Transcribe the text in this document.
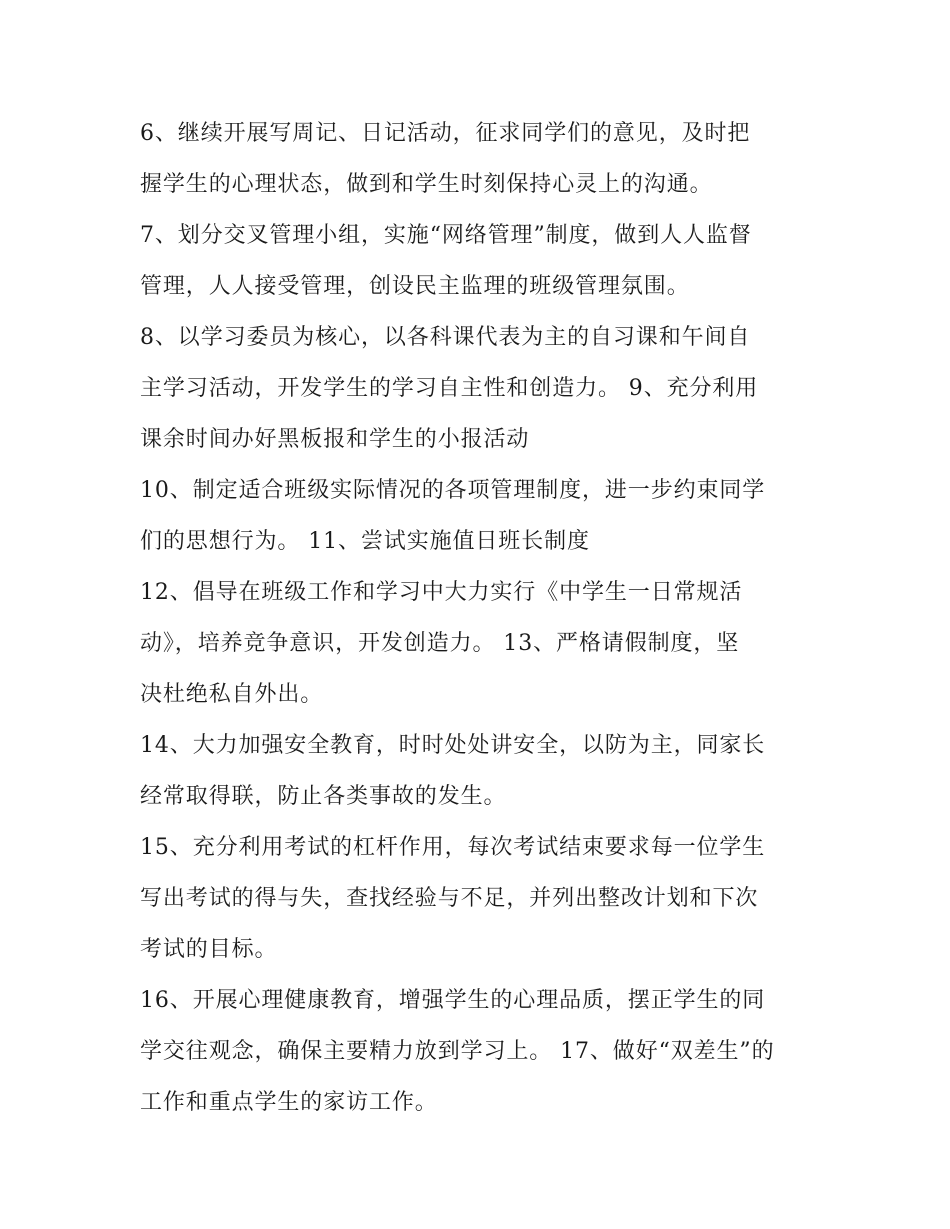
6、继续开展写周记、日记活动，征求同学们的意见，及时把
握学生的心理状态，做到和学生时刻保持心灵上的沟通。
7、划分交叉管理小组，实施“网络管理”制度，做到人人监督
管理，人人接受管理，创设民主监理的班级管理氛围。
8、以学习委员为核心，以各科课代表为主的自习课和午间自
主学习活动，开发学生的学习自主性和创造力。 9、充分利用
课余时间办好黑板报和学生的小报活动
10、制定适合班级实际情况的各项管理制度，进一步约束同学
们的思想行为。 11、尝试实施值日班长制度
12、倡导在班级工作和学习中大力实行《中学生一日常规活
动》，培养竞争意识，开发创造力。 13、严格请假制度，坚
决杜绝私自外出。
14、大力加强安全教育，时时处处讲安全，以防为主，同家长
经常取得联，防止各类事故的发生。
15、充分利用考试的杠杆作用，每次考试结束要求每一位学生
写出考试的得与失，查找经验与不足，并列出整改计划和下次
考试的目标。
16、开展心理健康教育，增强学生的心理品质，摆正学生的同
学交往观念，确保主要精力放到学习上。 17、做好“双差生”的
工作和重点学生的家访工作。
